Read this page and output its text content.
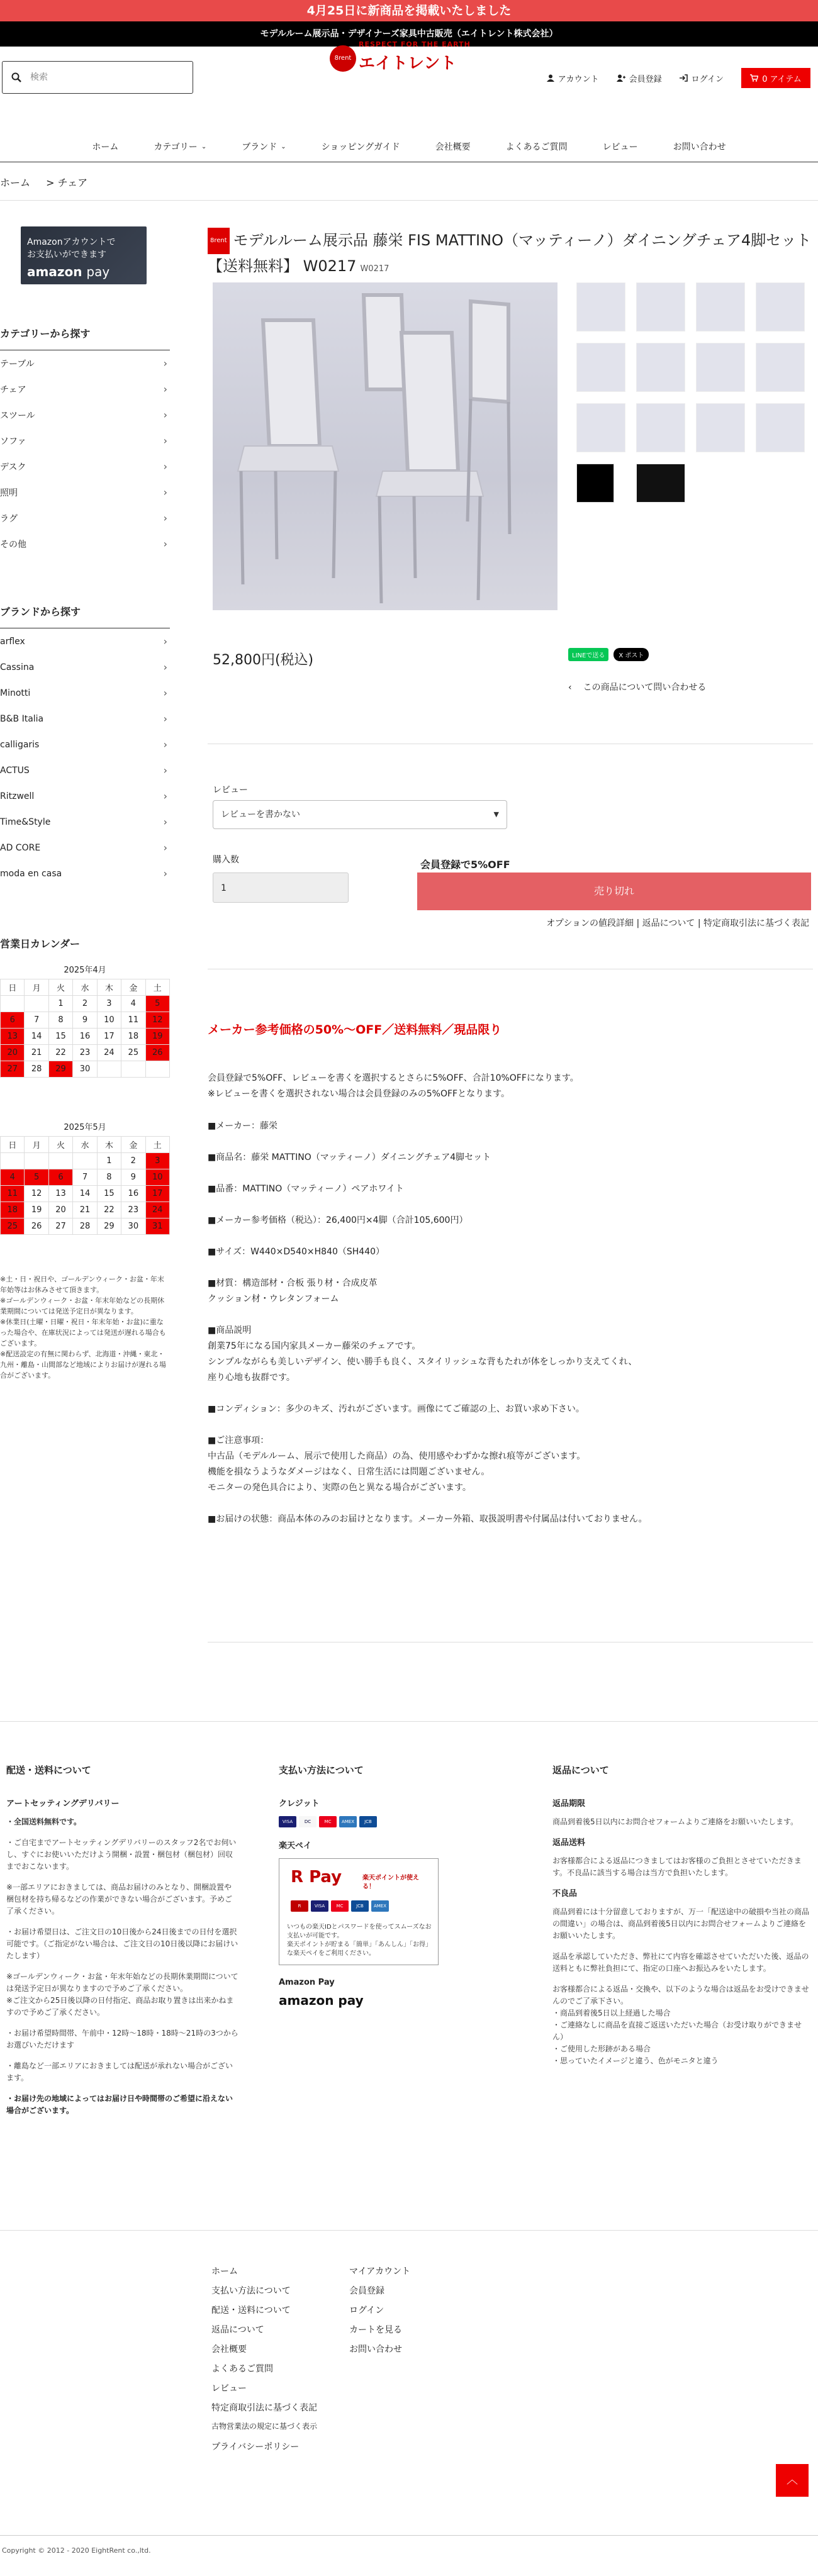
4月25日に新商品を掲載いたしました
モデルルーム展示品・デザイナーズ家具中古販売（エイトレント株式会社）
検索
アカウント	会員登録	ログイン	0 アイテム
8rent
RESPECT FOR THE EARTH
エイトレント
ホーム	カテゴリー ⌄	ブランド ⌄	ショッピングガイド	会社概要	よくあるご質問	レビュー	お問い合わせ
ホーム > チェア
Amazonアカウントで
お支払いができます
amazon pay
カテゴリーから探す
テーブル	›
チェア	›
スツール	›
ソファ	›
デスク	›
照明	›
ラグ	›
その他	›
ブランドから探す
arflex	›
Cassina	›
Minotti	›
B&B Italia	›
calligaris	›
ACTUS	›
Ritzwell	›
Time&Style	›
AD CORE	›
moda en casa	›
営業日カレンダー
2025年4月
日	月	火	水	木	金	土
		1	2	3	4	5
6	7	8	9	10	11	12
13	14	15	16	17	18	19
20	21	22	23	24	25	26
27	28	29	30			
2025年5月
日	月	火	水	木	金	土
				1	2	3
4	5	6	7	8	9	10
11	12	13	14	15	16	17
18	19	20	21	22	23	24
25	26	27	28	29	30	31
※土・日・祝日や、ゴールデンウィーク・お盆・年末年始等はお休みさせて頂きます。
※ゴールデンウィーク・お盆・年末年始などの長期休業期間については発送予定日が異なります。
※休業日(土曜・日曜・祝日・年末年始・お盆)に重なった場合や、在庫状況によっては発送が遅れる場合もございます。
※配送設定の有無に関わらず、北海道・沖縄・東北・九州・離島・山間部など地域によりお届けが遅れる場合がございます。
8rent モデルルーム展示品 藤栄 FIS MATTINO（マッティーノ）ダイニングチェア4脚セット 【送料無料】 W0217 W0217
52,800円(税込)	LINEで送る	X ポスト
‹ この商品について問い合わせる
レビュー
レビューを書かない	▼
購入数
1
会員登録で5%OFF
売り切れ
オプションの値段詳細 | 返品について | 特定商取引法に基づく表記
メーカー参考価格の50%〜OFF／送料無料／現品限り
会員登録で5%OFF、レビューを書くを選択するとさらに5%OFF、合計10%OFFになります。
※レビューを書くを選択されない場合は会員登録のみの5%OFFとなります。
■メーカー：藤栄
■商品名：藤栄 MATTINO（マッティーノ）ダイニングチェア4脚セット
■品番：MATTINO（マッティーノ）ペアホワイト
■メーカー参考価格（税込）：26,400円×4脚（合計105,600円）
■サイズ：W440×D540×H840（SH440）
■材質：構造部材・合板 張り材・合成皮革
クッション材・ウレタンフォーム
■商品説明
創業75年になる国内家具メーカー藤栄のチェアです。
シンプルながらも美しいデザイン、使い勝手も良く、スタイリッシュな背もたれが体をしっかり支えてくれ、
座り心地も抜群です。
■コンディション：多少のキズ、汚れがございます。画像にてご確認の上、お買い求め下さい。
■ご注意事項：
中古品（モデルルーム、展示で使用した商品）の為、使用感やわずかな擦れ痕等がございます。
機能を損なうようなダメージはなく、日常生活には問題ございません。
モニターの発色具合により、実際の色と異なる場合がございます。
■お届けの状態：商品本体のみのお届けとなります。メーカー外箱、取扱説明書や付属品は付いておりません。
配送・送料について
アートセッティングデリバリー

・全国送料無料です。

・ご自宅までアートセッティングデリバリーのスタッフ2名でお伺いし、すぐにお使いいただけよう開梱・設置・梱包材（梱包材）回収までおこないます。

※一部エリアにおきましては、商品お届けのみとなり、開梱設置や梱包材を持ち帰るなどの作業ができない場合がございます。予めご了承ください。

・お届け希望日は、ご注文日の10日後から24日後までの日付を選択可能です。（ご指定がない場合は、ご注文日の10日後以降にお届けいたします）

※ゴールデンウィーク・お盆・年末年始などの長期休業期間については発送予定日が異なりますので予めご了承ください。

※ご注文から25日後以降の日付指定、商品お取り置きは出来かねますので予めご了承ください。

・お届け希望時間帯、午前中・12時〜18時・18時〜21時の3つからお選びいただけます

・離島など一部エリアにおきましては配送が承れない場合がございます。

・お届け先の地域によってはお届け日や時間帯のご希望に沿えない場合がございます。

支払い方法について
クレジット
VISA	DC	MC	AMEX	JCB
楽天ペイ
R Pay	楽天ポイントが使える！
R	VISA	MC	JCB	AMEX
いつもの楽天IDとパスワードを使ってスムーズなお支払いが可能です。
楽天ポイントが貯まる「簡単」「あんしん」「お得」な楽天ペイをご利用ください。
Amazon Pay
amazon pay
返品について
返品期限

商品到着後5日以内にお問合せフォームよりご連絡をお願いいたします。

返品送料

お客様都合による返品につきましてはお客様のご負担とさせていただきます。不良品に該当する場合は当方で負担いたします。

不良品

商品到着には十分留意しておりますが、万一「配送途中の破損や当社の商品の間違い」の場合は、商品到着後5日以内にお問合せフォームよりご連絡をお願いいたします。

返品を承認していただき、弊社にて内容を確認させていただいた後、返品の送料ともに弊社負担にて、指定の口座へお振込みをいたします。

お客様都合による返品・交換や、以下のような場合は返品をお受けできませんのでご了承下さい。

・商品到着後5日以上経過した場合
・ご連絡なしに商品を直接ご返送いただいた場合（お受け取りができません）
・ご使用した形跡がある場合
・思っていたイメージと違う、色がモニタと違う
ホーム
支払い方法について
配送・送料について
返品について
会社概要
よくあるご質問
レビュー
特定商取引法に基づく表記
古物営業法の規定に基づく表示
プライバシーポリシー
マイアカウント
会員登録
ログイン
カートを見る
お問い合わせ
︿
Copyright © 2012 - 2020 EightRent co.,ltd.
